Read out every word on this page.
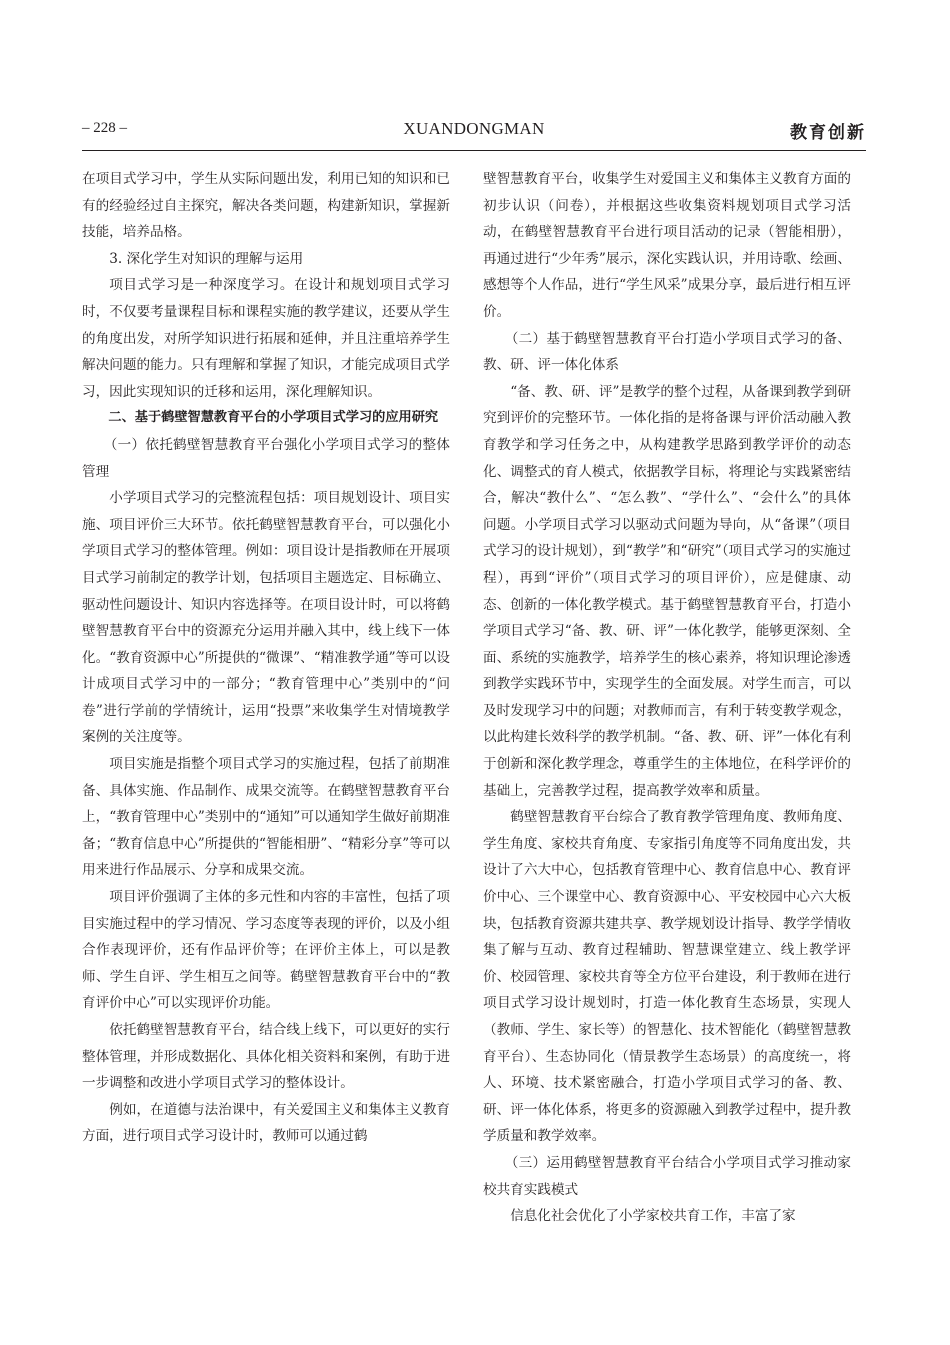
– 228 –	XUANDONGMAN	教育创新

在项目式学习中，学生从实际问题出发，利用已知的知识和已有的经验经过自主探究，解决各类问题，构建新知识，掌握新技能，培养品格。

3. 深化学生对知识的理解与运用

项目式学习是一种深度学习。在设计和规划项目式学习时，不仅要考量课程目标和课程实施的教学建议，还要从学生的角度出发，对所学知识进行拓展和延伸，并且注重培养学生解决问题的能力。只有理解和掌握了知识，才能完成项目式学习，因此实现知识的迁移和运用，深化理解知识。

二、基于鹤壁智慧教育平台的小学项目式学习的应用研究

（一）依托鹤壁智慧教育平台强化小学项目式学习的整体管理

小学项目式学习的完整流程包括：项目规划设计、项目实施、项目评价三大环节。依托鹤壁智慧教育平台，可以强化小学项目式学习的整体管理。例如：项目设计是指教师在开展项目式学习前制定的教学计划，包括项目主题选定、目标确立、驱动性问题设计、知识内容选择等。在项目设计时，可以将鹤壁智慧教育平台中的资源充分运用并融入其中，线上线下一体化。“教育资源中心”所提供的“微课”、“精准教学通”等可以设计成项目式学习中的一部分；“教育管理中心”类别中的“问卷”进行学前的学情统计，运用“投票”来收集学生对情境教学案例的关注度等。

项目实施是指整个项目式学习的实施过程，包括了前期准备、具体实施、作品制作、成果交流等。在鹤壁智慧教育平台上，“教育管理中心”类别中的“通知”可以通知学生做好前期准备；“教育信息中心”所提供的“智能相册”、“精彩分享”等可以用来进行作品展示、分享和成果交流。

项目评价强调了主体的多元性和内容的丰富性，包括了项目实施过程中的学习情况、学习态度等表现的评价，以及小组合作表现评价，还有作品评价等；在评价主体上，可以是教师、学生自评、学生相互之间等。鹤壁智慧教育平台中的“教育评价中心”可以实现评价功能。

依托鹤壁智慧教育平台，结合线上线下，可以更好的实行整体管理，并形成数据化、具体化相关资料和案例，有助于进一步调整和改进小学项目式学习的整体设计。

例如，在道德与法治课中，有关爱国主义和集体主义教育方面，进行项目式学习设计时，教师可以通过鹤

壁智慧教育平台，收集学生对爱国主义和集体主义教育方面的初步认识（问卷），并根据这些收集资料规划项目式学习活动，在鹤壁智慧教育平台进行项目活动的记录（智能相册），再通过进行“少年秀”展示，深化实践认识，并用诗歌、绘画、感想等个人作品，进行“学生风采”成果分享，最后进行相互评价。

（二）基于鹤壁智慧教育平台打造小学项目式学习的备、教、研、评一体化体系

“备、教、研、评”是教学的整个过程，从备课到教学到研究到评价的完整环节。一体化指的是将备课与评价活动融入教育教学和学习任务之中，从构建教学思路到教学评价的动态化、调整式的育人模式，依据教学目标，将理论与实践紧密结合，解决“教什么”、“怎么教”、“学什么”、“会什么”的具体问题。小学项目式学习以驱动式问题为导向，从“备课”（项目式学习的设计规划），到“教学”和“研究”（项目式学习的实施过程），再到“评价”（项目式学习的项目评价），应是健康、动态、创新的一体化教学模式。基于鹤壁智慧教育平台，打造小学项目式学习“备、教、研、评”一体化教学，能够更深刻、全面、系统的实施教学，培养学生的核心素养，将知识理论渗透到教学实践环节中，实现学生的全面发展。对学生而言，可以及时发现学习中的问题；对教师而言，有利于转变教学观念，以此构建长效科学的教学机制。“备、教、研、评”一体化有利于创新和深化教学理念，尊重学生的主体地位，在科学评价的基础上，完善教学过程，提高教学效率和质量。

鹤壁智慧教育平台综合了教育教学管理角度、教师角度、学生角度、家校共育角度、专家指引角度等不同角度出发，共设计了六大中心，包括教育管理中心、教育信息中心、教育评价中心、三个课堂中心、教育资源中心、平安校园中心六大板块，包括教育资源共建共享、教学规划设计指导、教学学情收集了解与互动、教育过程辅助、智慧课堂建立、线上教学评价、校园管理、家校共育等全方位平台建设，利于教师在进行项目式学习设计规划时，打造一体化教育生态场景，实现人（教师、学生、家长等）的智慧化、技术智能化（鹤壁智慧教育平台）、生态协同化（情景教学生态场景）的高度统一，将人、环境、技术紧密融合，打造小学项目式学习的备、教、研、评一体化体系，将更多的资源融入到教学过程中，提升教学质量和教学效率。

（三）运用鹤壁智慧教育平台结合小学项目式学习推动家校共育实践模式

信息化社会优化了小学家校共育工作，丰富了家
